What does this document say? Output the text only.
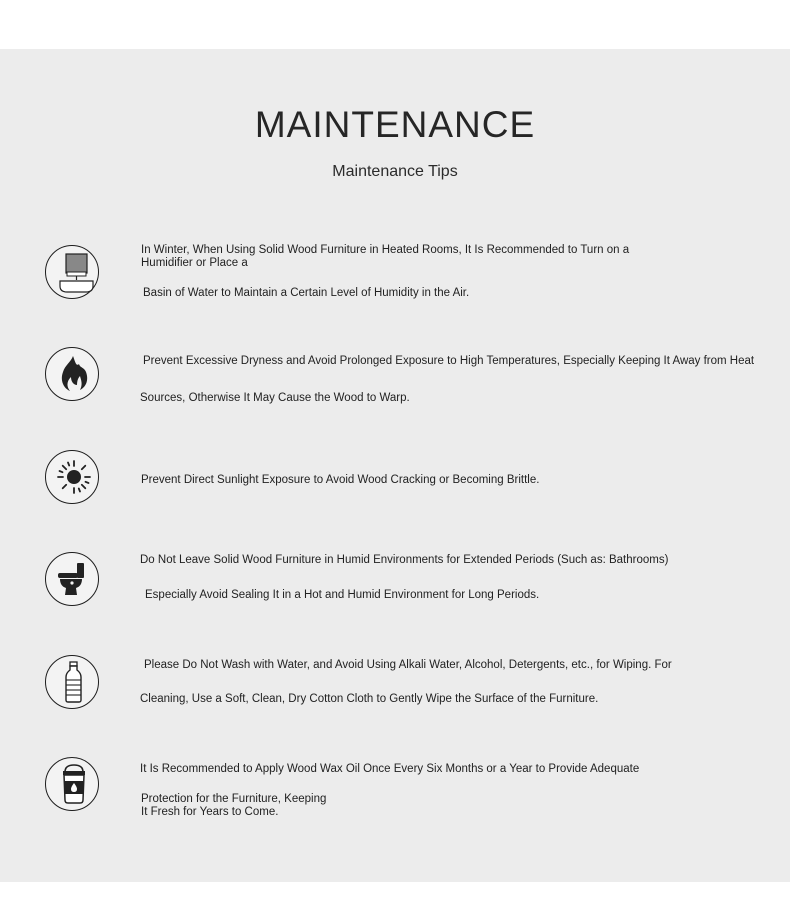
MAINTENANCE
Maintenance Tips
In Winter, When Using Solid Wood Furniture in Heated Rooms, It Is Recommended to Turn on a
Humidifier or Place a
Basin of Water to Maintain a Certain Level of Humidity in the Air.
Prevent Excessive Dryness and Avoid Prolonged Exposure to High Temperatures, Especially Keeping It Away from Heat
Sources, Otherwise It May Cause the Wood to Warp.
Prevent Direct Sunlight Exposure to Avoid Wood Cracking or Becoming Brittle.
Do Not Leave Solid Wood Furniture in Humid Environments for Extended Periods (Such as: Bathrooms)
Especially Avoid Sealing It in a Hot and Humid Environment for Long Periods.
Please Do Not Wash with Water, and Avoid Using Alkali Water, Alcohol, Detergents, etc., for Wiping. For
Cleaning, Use a Soft, Clean, Dry Cotton Cloth to Gently Wipe the Surface of the Furniture.
It Is Recommended to Apply Wood Wax Oil Once Every Six Months or a Year to Provide Adequate
Protection for the Furniture, Keeping
It Fresh for Years to Come.
